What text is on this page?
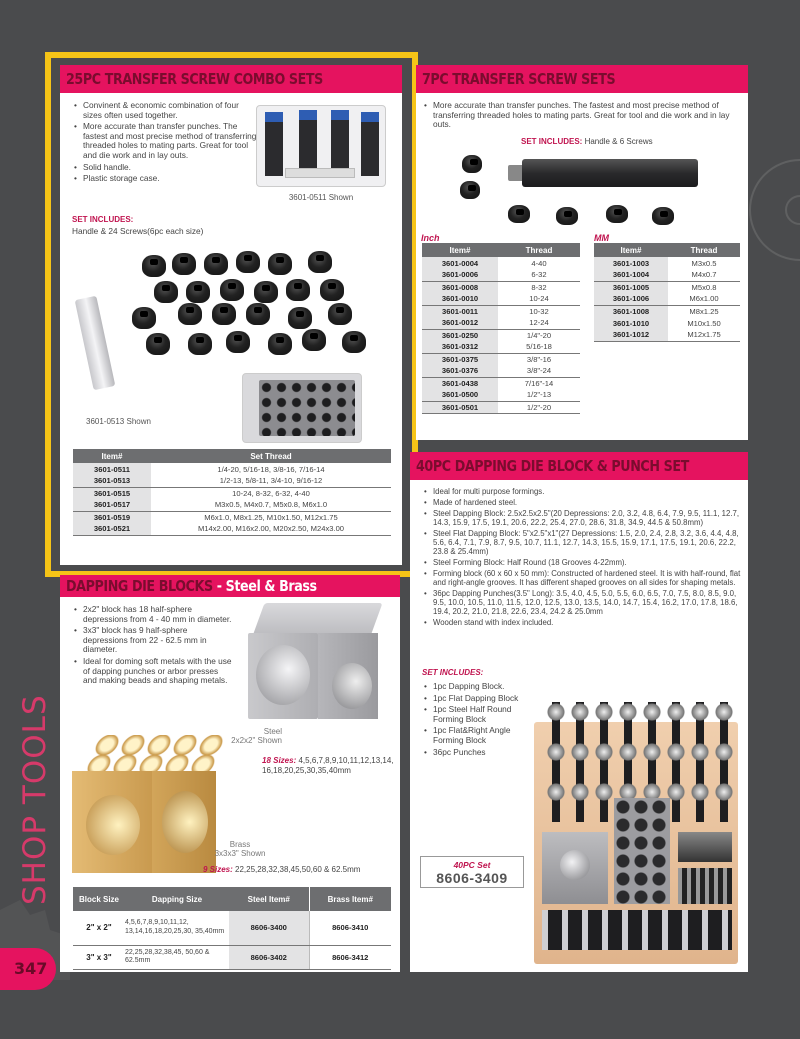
SHOP TOOLS
347
25PC TRANSFER SCREW COMBO SETS
• Convinent & economic combination of four sizes often used together.
• More accurate than transfer punches. The fastest and most precise method of transferring threaded holes to mating parts. Great for tool and die work and in lay outs.
• Solid handle.
• Plastic storage case.
3601-0511 Shown
SET INCLUDES:
Handle & 24 Screws(6pc each size)
3601-0513 Shown
Item#	Set Thread
3601-0511	1/4-20, 5/16-18, 3/8-16, 7/16-14
3601-0513	1/2-13, 5/8-11, 3/4-10, 9/16-12
3601-0515	10-24, 8-32, 6-32, 4-40
3601-0517	M3x0.5, M4x0.7, M5x0.8, M6x1.0
3601-0519	M6x1.0, M8x1.25, M10x1.50, M12x1.75
3601-0521	M14x2.00, M16x2.00, M20x2.50, M24x3.00
7PC TRANSFER SCREW SETS
• More accurate than transfer punches. The fastest and most precise method of transferring threaded holes to mating parts. Great for tool and die work and in lay outs.
SET INCLUDES: Handle & 6 Screws
Inch
Item#	Thread
3601-0004	4-40
3601-0006	6-32
3601-0008	8-32
3601-0010	10-24
3601-0011	10-32
3601-0012	12-24
3601-0250	1/4"-20
3601-0312	5/16-18
3601-0375	3/8"-16
3601-0376	3/8"-24
3601-0438	7/16"-14
3601-0500	1/2"-13
3601-0501	1/2"-20
MM
Item#	Thread
3601-1003	M3x0.5
3601-1004	M4x0.7
3601-1005	M5x0.8
3601-1006	M6x1.00
3601-1008	M8x1.25
3601-1010	M10x1.50
3601-1012	M12x1.75
DAPPING DIE BLOCKS - Steel & Brass
• 2x2" block has 18 half-sphere depressions from 4 - 40 mm in diameter.
• 3x3" block has 9 half-sphere depressions from 22 - 62.5 mm in diameter.
• Ideal for doming soft metals with the use of dapping punches or arbor presses and making beads and shaping metals.
Steel
2x2x2" Shown
18 Sizes: 4,5,6,7,8,9,10,11,12,13,14, 16,18,20,25,30,35,40mm
Brass
3x3x3" Shown
9 Sizes: 22,25,28,32,38,45,50,60 & 62.5mm
Block Size	Dapping Size	Steel Item#	Brass Item#
2" x 2"	4,5,6,7,8,9,10,11,12, 13,14,16,18,20,25,30, 35,40mm	8606-3400	8606-3410
3" x 3"	22,25,28,32,38,45, 50,60 & 62.5mm	8606-3402	8606-3412
40PC DAPPING DIE BLOCK & PUNCH SET
• Ideal for multi purpose formings.
• Made of hardened steel.
• Steel Dapping Block: 2.5x2.5x2.5"(20 Depressions: 2.0, 3.2, 4.8, 6.4, 7.9, 9.5, 11.1, 12.7, 14.3, 15.9, 17.5, 19.1, 20.6, 22.2, 25.4, 27.0, 28.6, 31.8, 34.9, 44.5 & 50.8mm)
• Steel Flat Dapping Block: 5"x2.5"x1"(27 Depressions: 1.5, 2.0, 2.4, 2.8, 3.2, 3.6, 4.4, 4.8, 5.6, 6.4, 7.1, 7.9, 8.7, 9.5, 10.7, 11.1, 12.7, 14.3, 15.5, 15.9, 17.1, 17.5, 19.1, 20.6, 22.2, 23.8 & 25.4mm)
• Steel Forming Block: Half Round (18 Grooves 4-22mm).
• Forming block (60 x 60 x 50 mm): Constructed of hardened steel. It is with half-round, flat and right-angle grooves. It has different shaped grooves on all sides for shaping metals.
• 36pc Dapping Punches(3.5" Long): 3.5, 4.0, 4.5, 5.0, 5.5, 6.0, 6.5, 7.0, 7.5, 8.0, 8.5, 9.0, 9.5, 10.0, 10.5, 11.0, 11.5, 12.0, 12.5, 13.0, 13.5, 14.0, 14.7, 15.4, 16.2, 17.0, 17.8, 18.6, 19.4, 20.2, 21.0, 21.8, 22.6, 23.4, 24.2 & 25.0mm
• Wooden stand with index included.
SET INCLUDES:
• 1pc Dapping Block.
• 1pc Flat Dapping Block
• 1pc Steel Half Round Forming Block
• 1pc Flat&Right Angle Forming Block
• 36pc Punches
40PC Set
8606-3409
